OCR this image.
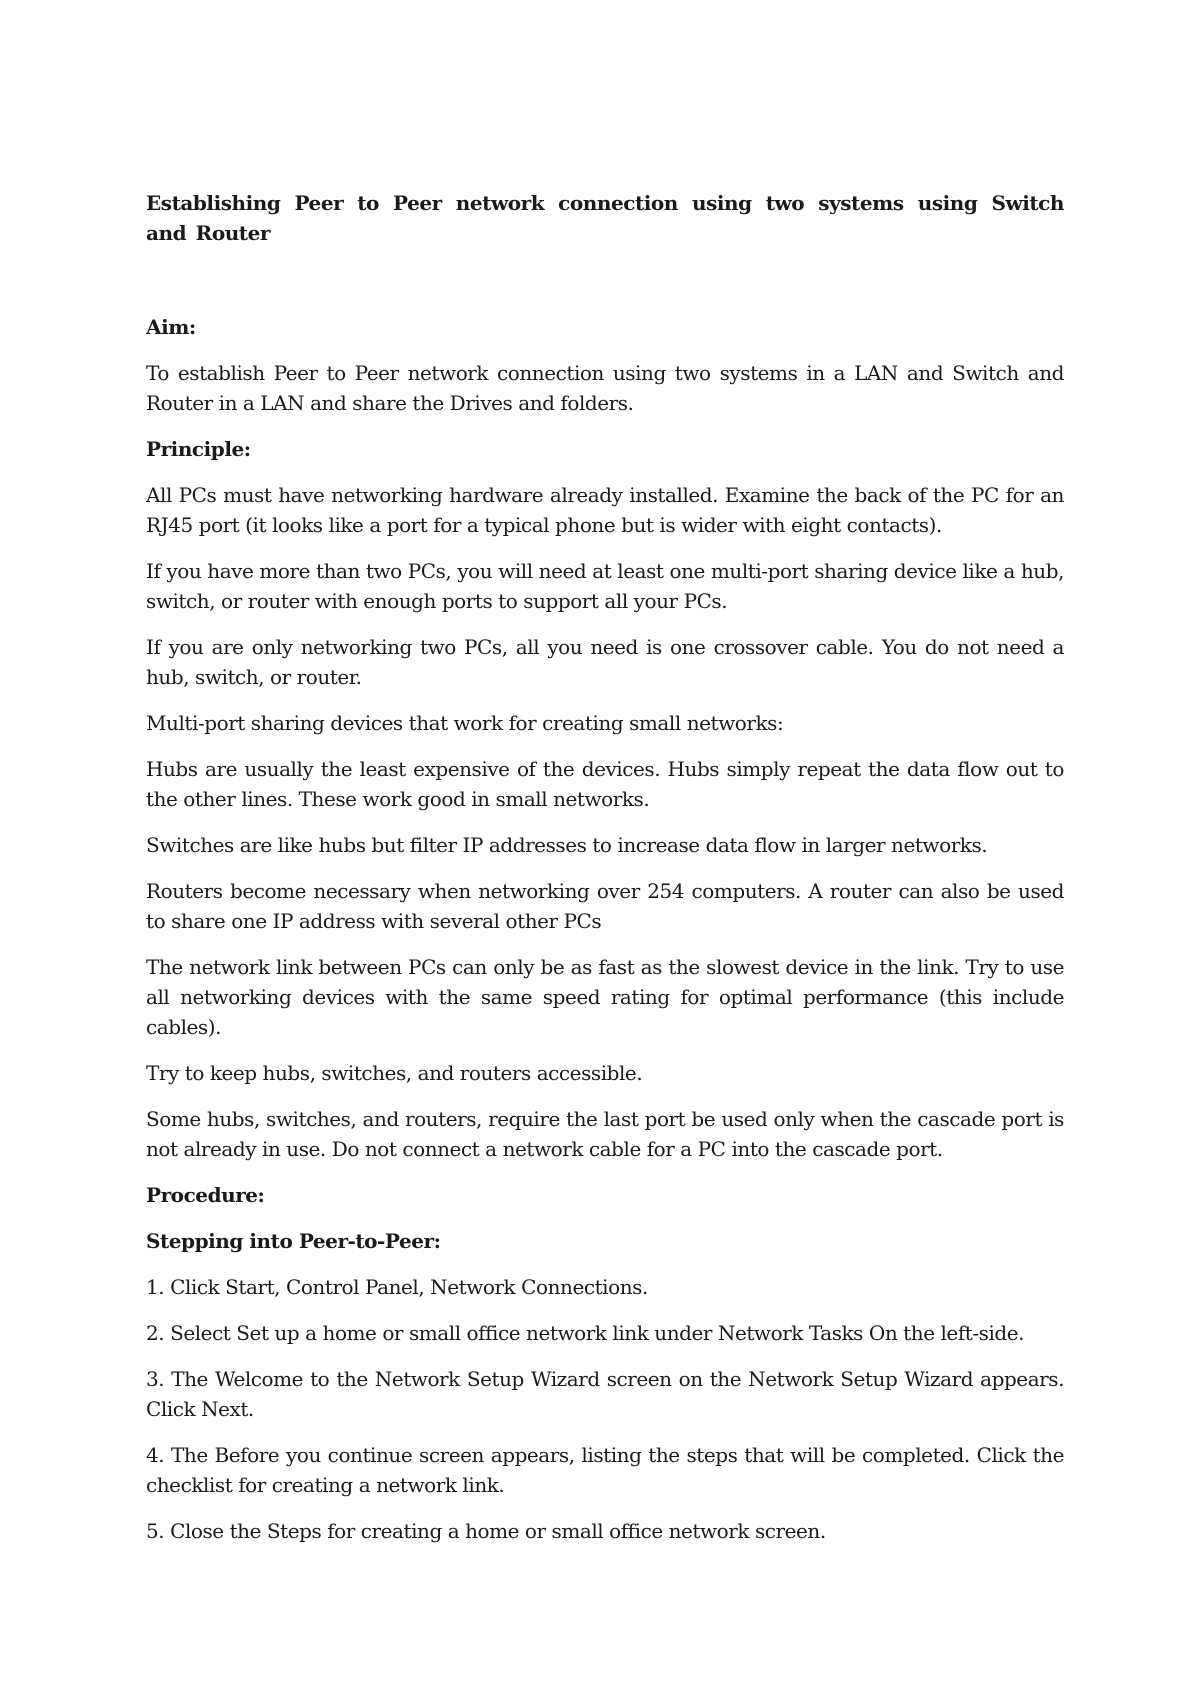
Establishing Peer to Peer network connection using two systems using Switch and Router

Aim:

To establish Peer to Peer network connection using two systems in a LAN and Switch and Router in a LAN and share the Drives and folders.

Principle:

All PCs must have networking hardware already installed. Examine the back of the PC for an RJ45 port (it looks like a port for a typical phone but is wider with eight contacts).

If you have more than two PCs, you will need at least one multi-port sharing device like a hub, switch, or router with enough ports to support all your PCs.

If you are only networking two PCs, all you need is one crossover cable. You do not need a hub, switch, or router.

Multi-port sharing devices that work for creating small networks:

Hubs are usually the least expensive of the devices. Hubs simply repeat the data flow out to the other lines. These work good in small networks.

Switches are like hubs but filter IP addresses to increase data flow in larger networks.

Routers become necessary when networking over 254 computers. A router can also be used to share one IP address with several other PCs

The network link between PCs can only be as fast as the slowest device in the link. Try to use all networking devices with the same speed rating for optimal performance (this include cables).

Try to keep hubs, switches, and routers accessible.

Some hubs, switches, and routers, require the last port be used only when the cascade port is not already in use. Do not connect a network cable for a PC into the cascade port.

Procedure:

Stepping into Peer-to-Peer:

1. Click Start, Control Panel, Network Connections.

2. Select Set up a home or small office network link under Network Tasks On the left-side.

3. The Welcome to the Network Setup Wizard screen on the Network Setup Wizard appears. Click Next.

4. The Before you continue screen appears, listing the steps that will be completed. Click the checklist for creating a network link.

5. Close the Steps for creating a home or small office network screen.
